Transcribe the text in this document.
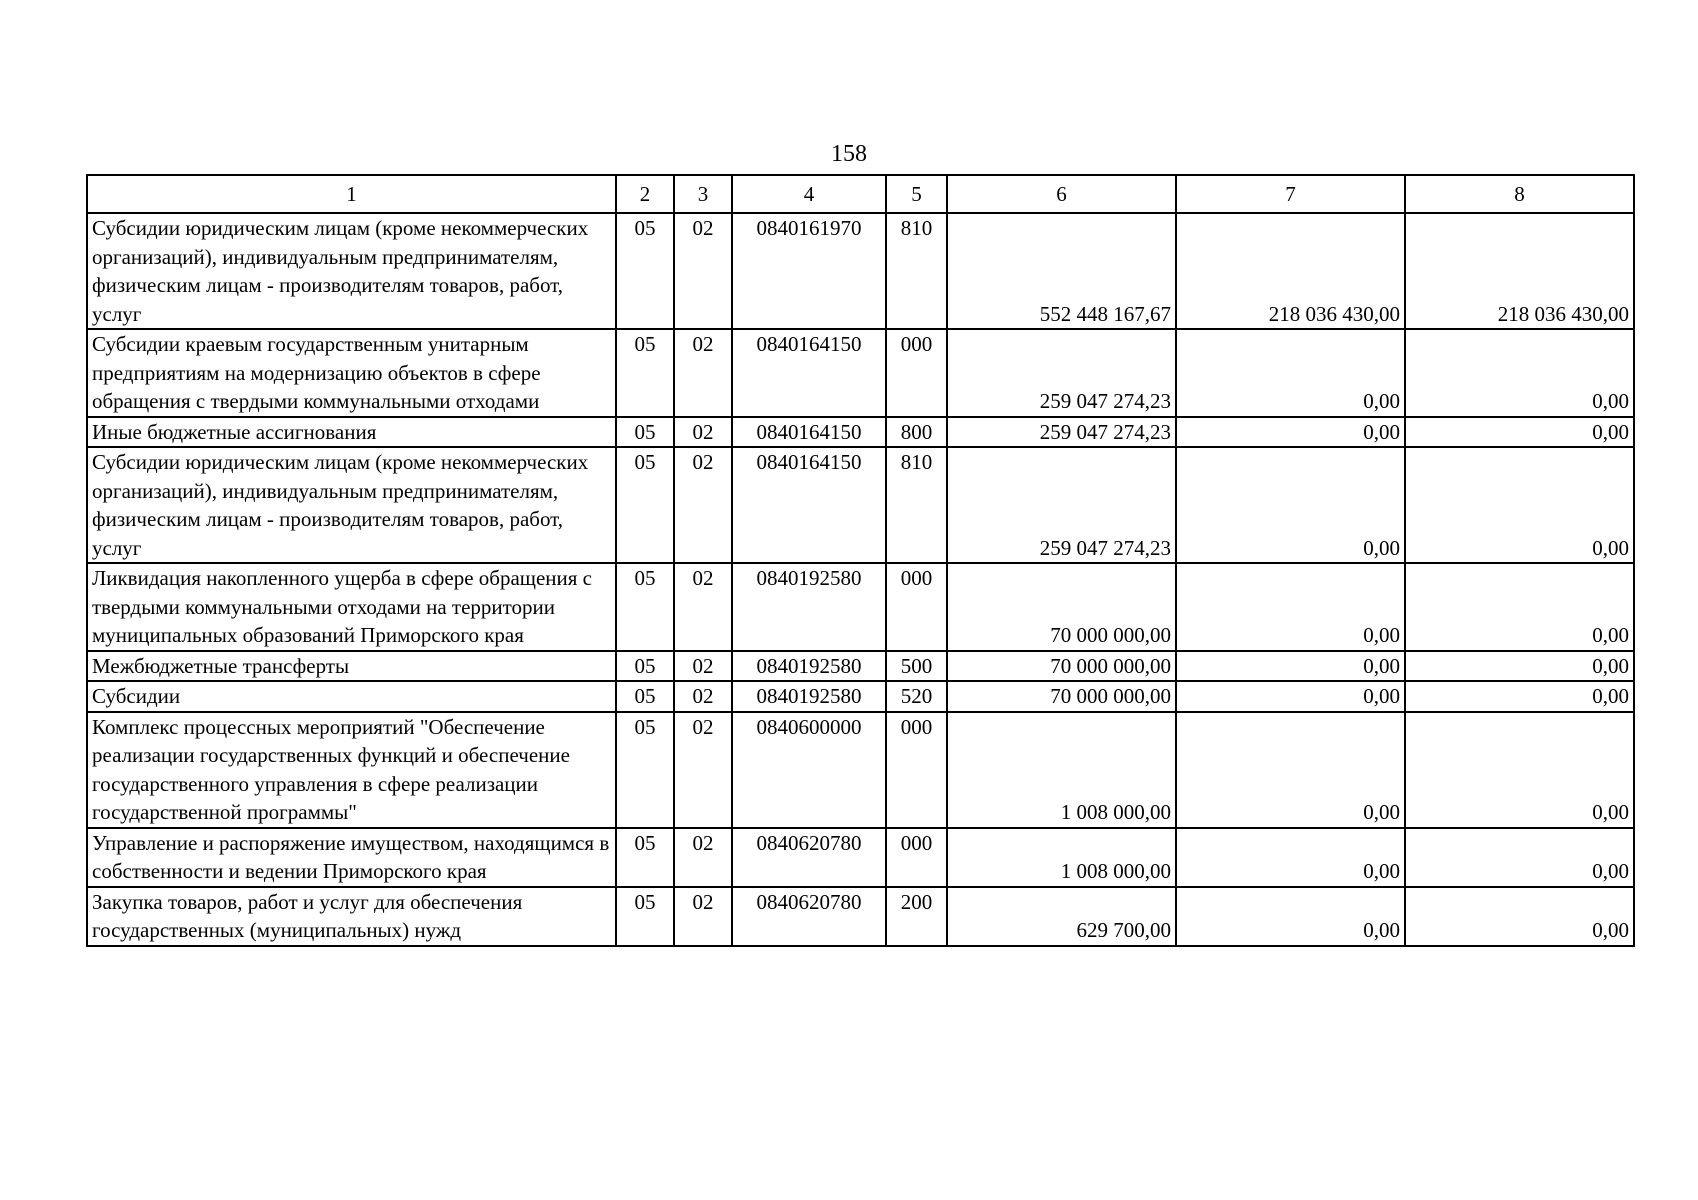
158
1	2	3	4	5	6	7	8
Субсидии юридическим лицам (кроме некоммерческих организаций), индивидуальным предпринимателям, физическим лицам - производителям товаров, работ, услуг	05	02	0840161970	810	552 448 167,67	218 036 430,00	218 036 430,00
Субсидии краевым государственным унитарным предприятиям на модернизацию объектов в сфере обращения с твердыми коммунальными отходами	05	02	0840164150	000	259 047 274,23	0,00	0,00
Иные бюджетные ассигнования	05	02	0840164150	800	259 047 274,23	0,00	0,00
Субсидии юридическим лицам (кроме некоммерческих организаций), индивидуальным предпринимателям, физическим лицам - производителям товаров, работ, услуг	05	02	0840164150	810	259 047 274,23	0,00	0,00
Ликвидация накопленного ущерба в сфере обращения с твердыми коммунальными отходами на территории муниципальных образований Приморского края	05	02	0840192580	000	70 000 000,00	0,00	0,00
Межбюджетные трансферты	05	02	0840192580	500	70 000 000,00	0,00	0,00
Субсидии	05	02	0840192580	520	70 000 000,00	0,00	0,00
Комплекс процессных мероприятий "Обеспечение реализации государственных функций и обеспечение государственного управления в сфере реализации государственной программы"	05	02	0840600000	000	1 008 000,00	0,00	0,00
Управление и распоряжение имуществом, находящимся в собственности и ведении Приморского края	05	02	0840620780	000	1 008 000,00	0,00	0,00
Закупка товаров, работ и услуг для обеспечения государственных (муниципальных) нужд	05	02	0840620780	200	629 700,00	0,00	0,00
